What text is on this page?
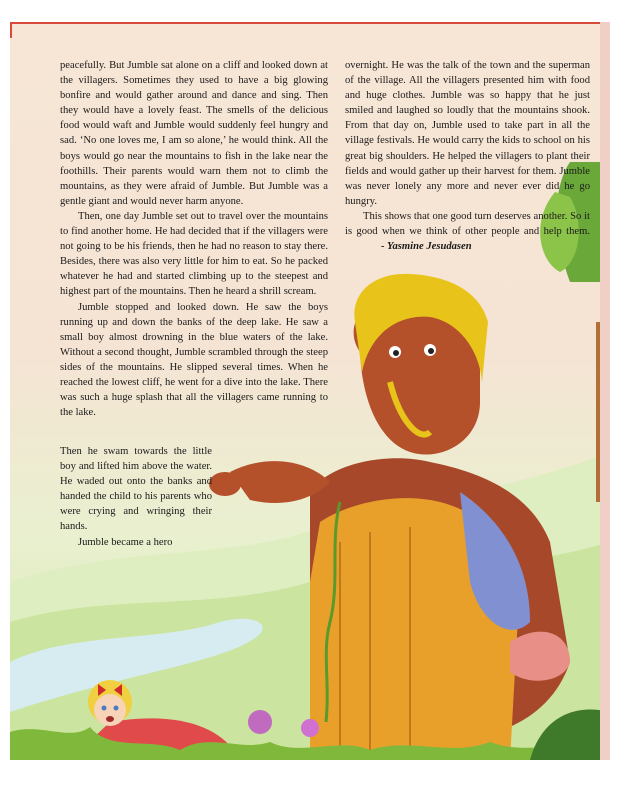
peacefully. But Jumble sat alone on a cliff and looked down at the villagers. Sometimes they used to have a big glowing bonfire and would gather around and dance and sing. Then they would have a lovely feast. The smells of the delicious food would waft and Jumble would suddenly feel hungry and sad. ‘No one loves me, I am so alone,’ he would think. All the boys would go near the mountains to fish in the lake near the foothills. Their parents would warn them not to climb the mountains, as they were afraid of Jumble. But Jumble was a gentle giant and would never harm anyone.

Then, one day Jumble set out to travel over the mountains to find another home. He had decided that if the villagers were not going to be his friends, then he had no reason to stay there. Besides, there was also very little for him to eat. So he packed whatever he had and started climbing up to the steepest and highest part of the mountains. Then he heard a shrill scream.

Jumble stopped and looked down. He saw the boys running up and down the banks of the deep lake. He saw a small boy almost drowning in the blue waters of the lake. Without a second thought, Jumble scrambled through the steep sides of the mountains. He slipped several times. When he reached the lowest cliff, he went for a dive into the lake. There was such a huge splash that all the villagers came running to the lake.

Then he swam towards the little boy and lifted him above the water. He waded out onto the banks and handed the child to his parents who were crying and wringing their hands.

Jumble became a hero

overnight. He was the talk of the town and the superman of the village. All the villagers presented him with food and huge clothes. Jumble was so happy that he just smiled and laughed so loudly that the mountains shook. From that day on, Jumble used to take part in all the village festivals. He would carry the kids to school on his great big shoulders. He helped the villagers to plant their fields and would gather up their harvest for them. Jumble was never lonely any more and never ever did he go hungry.

This shows that one good turn deserves another. So it is good when we think of other people and help them. - Yasmine Jesudasen
